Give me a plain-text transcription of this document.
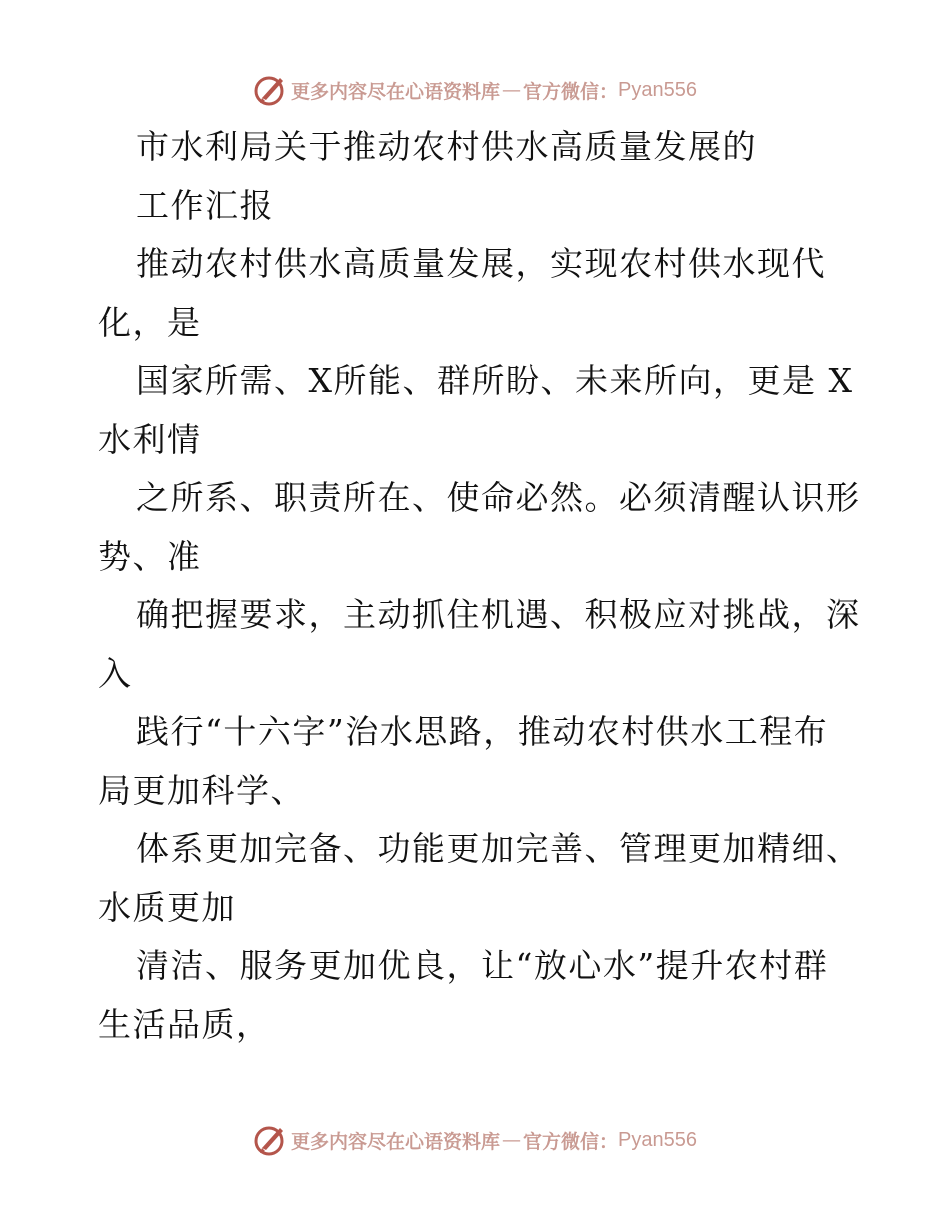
更多内容尽在心语资料库 — 官方微信： Pyan556
市水利局关于推动农村供水高质量发展的
工作汇报
推动农村供水高质量发展，实现农村供水现代
化，是
国家所需、X所能、群所盼、未来所向，更是 X
水利情
之所系、职责所在、使命必然。必须清醒认识形
势、准
确把握要求，主动抓住机遇、积极应对挑战，深
入
践行“十六字”治水思路，推动农村供水工程布
局更加科学、
体系更加完备、功能更加完善、管理更加精细、
水质更加
清洁、服务更加优良，让“放心水”提升农村群
生活品质，
更多内容尽在心语资料库 — 官方微信： Pyan556
